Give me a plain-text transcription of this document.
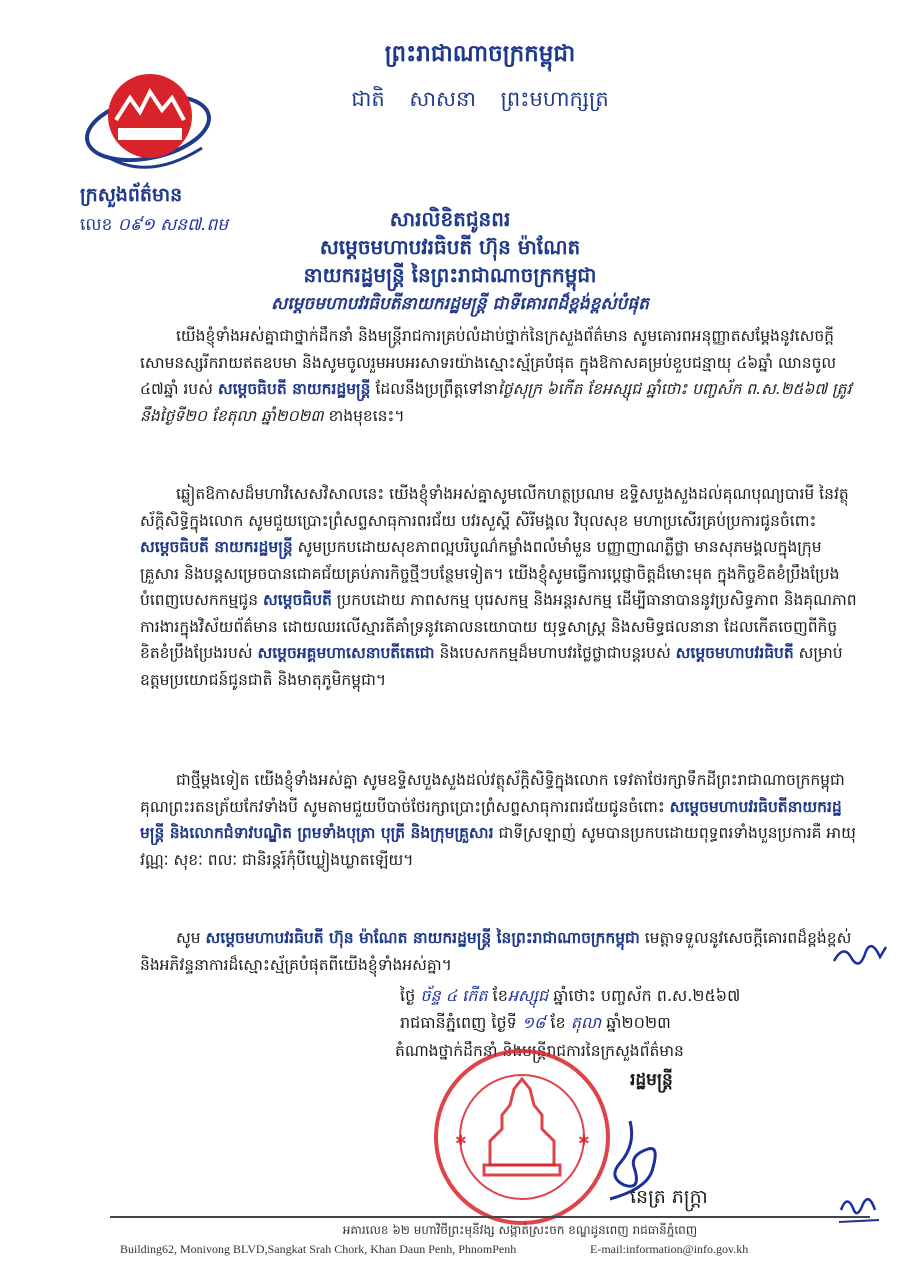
ក្រសួងព័ត៌មាន
លេខ ០៩១ សន៧.ពម
ព្រះរាជាណាចក្រកម្ពុជា
ជាតិ សាសនា ព្រះមហាក្សត្រ
សារលិខិតជូនពរ
សម្ដេចមហាបវរធិបតី ហ៊ុន ម៉ាណែត
នាយករដ្ឋមន្ត្រី នៃព្រះរាជាណាចក្រកម្ពុជា
សម្ដេចមហាបវរធិបតីនាយករដ្ឋមន្ត្រី ជាទីគោរពដ៏ខ្ពង់ខ្ពស់បំផុត

យើងខ្ញុំទាំងអស់គ្នាជាថ្នាក់ដឹកនាំ និងមន្ត្រីរាជការគ្រប់លំដាប់ថ្នាក់នៃក្រសួងព័ត៌មាន សូមគោរពអនុញ្ញាតសម្ដែងនូវសេចក្ដីសោមនស្សរីករាយឥតឧបមា និងសូមចូលរួមអបអរសាទរយ៉ាងស្មោះស្ម័គ្របំផុត ក្នុងឱកាសគម្រប់ខួបជន្មាយុ ៤៦ឆ្នាំ ឈានចូល ៤៧ឆ្នាំ របស់ សម្ដេចធិបតី នាយករដ្ឋមន្ត្រី ដែលនឹងប្រព្រឹត្តទៅនាថ្ងៃសុក្រ ៦កើត ខែអស្សុជ ឆ្នាំថោះ បញ្ចស័ក ព.ស.២៥៦៧ ត្រូវនឹងថ្ងៃទី២០ ខែតុលា ឆ្នាំ២០២៣ ខាងមុខនេះ។

ឆ្លៀតឱកាសដ៏មហាវិសេសវិសាលនេះ យើងខ្ញុំទាំងអស់គ្នាសូមលើកហត្ថប្រណម ឧទ្ទិសបួងសួងដល់គុណបុណ្យបារមី នៃវត្ថុស័ក្ដិសិទ្ធិក្នុងលោក សូមជួយប្រោះព្រំសព្ទសាធុការពរជ័យ បវរសួស្ដី សិរីមង្គល វិបុលសុខ មហាប្រសើរគ្រប់ប្រការជូនចំពោះ សម្ដេចធិបតី នាយករដ្ឋមន្ត្រី សូមប្រកបដោយសុខភាពល្អបរិបូណ៌កម្លាំងពលំមាំមួន បញ្ញាញាណភ្លឺថ្លា មានសុភមង្គលក្នុងក្រុមគ្រួសារ និងបន្តសម្រេចបានជោគជ័យគ្រប់ភារកិច្ចថ្មីៗបន្ថែមទៀត។ យើងខ្ញុំសូមធ្វើការប្ដេជ្ញាចិត្តដ៏មោះមុត ក្នុងកិច្ចខិតខំប្រឹងប្រែងបំពេញបេសកកម្មជូន សម្ដេចធិបតី ប្រកបដោយ ភាពសកម្ម បុរេសកម្ម និងអន្តរសកម្ម ដើម្បីធានាបាននូវប្រសិទ្ធភាព និងគុណភាពការងារក្នុងវិស័យព័ត៌មាន ដោយឈរលើស្មារតីគាំទ្រនូវគោលនយោបាយ យុទ្ធសាស្ត្រ និងសមិទ្ធផលនានា ដែលកើតចេញពីកិច្ចខិតខំប្រឹងប្រែងរបស់ សម្ដេចអគ្គមហាសេនាបតីតេជោ និងបេសកកម្មដ៏មហាបវរថ្លៃថ្លាជាបន្តរបស់ សម្ដេចមហាបវរធិបតី សម្រាប់ឧត្ដមប្រយោជន៍ជូនជាតិ និងមាតុភូមិកម្ពុជា។

ជាថ្មីម្ដងទៀត យើងខ្ញុំទាំងអស់គ្នា សូមឧទ្ទិសបួងសួងដល់វត្ថុស័ក្ដិសិទ្ធិក្នុងលោក ទេវតាថែរក្សាទឹកដីព្រះរាជាណាចក្រកម្ពុជា គុណព្រះរតនត្រ័យកែវទាំងបី សូមតាមជួយបីបាច់ថែរក្សាប្រោះព្រំសព្ទសាធុការពរជ័យជូនចំពោះ សម្ដេចមហាបវរធិបតីនាយករដ្ឋមន្ត្រី និងលោកជំទាវបណ្ឌិត ព្រមទាំងបុត្រា បុត្រី និងក្រុមគ្រួសារ ជាទីស្រឡាញ់ សូមបានប្រកបដោយពុទ្ធពរទាំងបួនប្រការគឺ អាយុ វណ្ណៈ សុខៈ ពលៈ ជានិរន្តរ៍កុំបីឃ្លៀងឃ្លាតឡើយ។

សូម សម្ដេចមហាបវរធិបតី ហ៊ុន ម៉ាណែត នាយករដ្ឋមន្ត្រី នៃព្រះរាជាណាចក្រកម្ពុជា មេត្តាទទួលនូវសេចក្ដីគោរពដ៏ខ្ពង់ខ្ពស់ និងអភិវន្ទនាការដ៏ស្មោះស្ម័គ្របំផុតពីយើងខ្ញុំទាំងអស់គ្នា។

ថ្ងៃ ច័ន្ទ ៤ កើត ខែអស្សុជ ឆ្នាំថោះ បញ្ចស័ក ព.ស.២៥៦៧
រាជធានីភ្នំពេញ ថ្ងៃទី ១៨ ខែ តុលា ឆ្នាំ២០២៣
តំណាងថ្នាក់ដឹកនាំ និងមន្ត្រីរាជការនៃក្រសួងព័ត៌មាន
រដ្ឋមន្ត្រី
✱	✱
នេត្រ ភក្ត្រា
អគារលេខ ៦២ មហាវិថីព្រះមុនីវង្ស សង្កាត់ស្រះចក ខណ្ឌដូនពេញ រាជធានីភ្នំពេញ
Building62, Monivong BLVD,Sangkat Srah Chork, Khan Daun Penh, PhnomPenh	E-mail:information@info.gov.kh
